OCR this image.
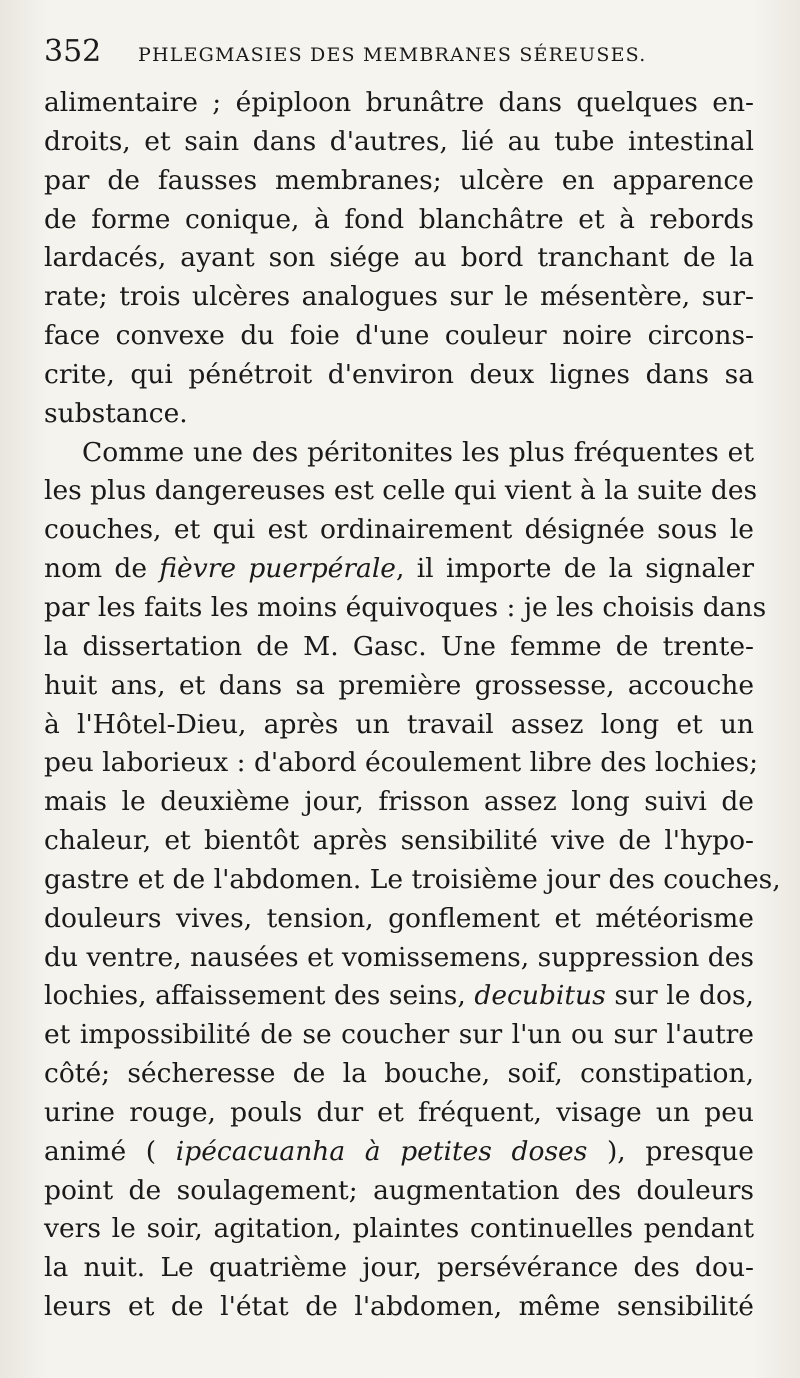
352	PHLEGMASIES DES MEMBRANES SÉREUSES.
alimentaire ; épiploon brunâtre dans quelques en-
droits, et sain dans d'autres, lié au tube intestinal
par de fausses membranes; ulcère en apparence
de forme conique, à fond blanchâtre et à rebords
lardacés, ayant son siége au bord tranchant de la
rate; trois ulcères analogues sur le mésentère, sur-
face convexe du foie d'une couleur noire circons-
crite, qui pénétroit d'environ deux lignes dans sa
substance.
Comme une des péritonites les plus fréquentes et
les plus dangereuses est celle qui vient à la suite des
couches, et qui est ordinairement désignée sous le
nom de fièvre puerpérale, il importe de la signaler
par les faits les moins équivoques : je les choisis dans
la dissertation de M. Gasc. Une femme de trente-
huit ans, et dans sa première grossesse, accouche
à l'Hôtel-Dieu, après un travail assez long et un
peu laborieux : d'abord écoulement libre des lochies;
mais le deuxième jour, frisson assez long suivi de
chaleur, et bientôt après sensibilité vive de l'hypo-
gastre et de l'abdomen. Le troisième jour des couches,
douleurs vives, tension, gonflement et météorisme
du ventre, nausées et vomissemens, suppression des
lochies, affaissement des seins, decubitus sur le dos,
et impossibilité de se coucher sur l'un ou sur l'autre
côté; sécheresse de la bouche, soif, constipation,
urine rouge, pouls dur et fréquent, visage un peu
animé ( ipécacuanha à petites doses ), presque
point de soulagement; augmentation des douleurs
vers le soir, agitation, plaintes continuelles pendant
la nuit. Le quatrième jour, persévérance des dou-
leurs et de l'état de l'abdomen, même sensibilité
